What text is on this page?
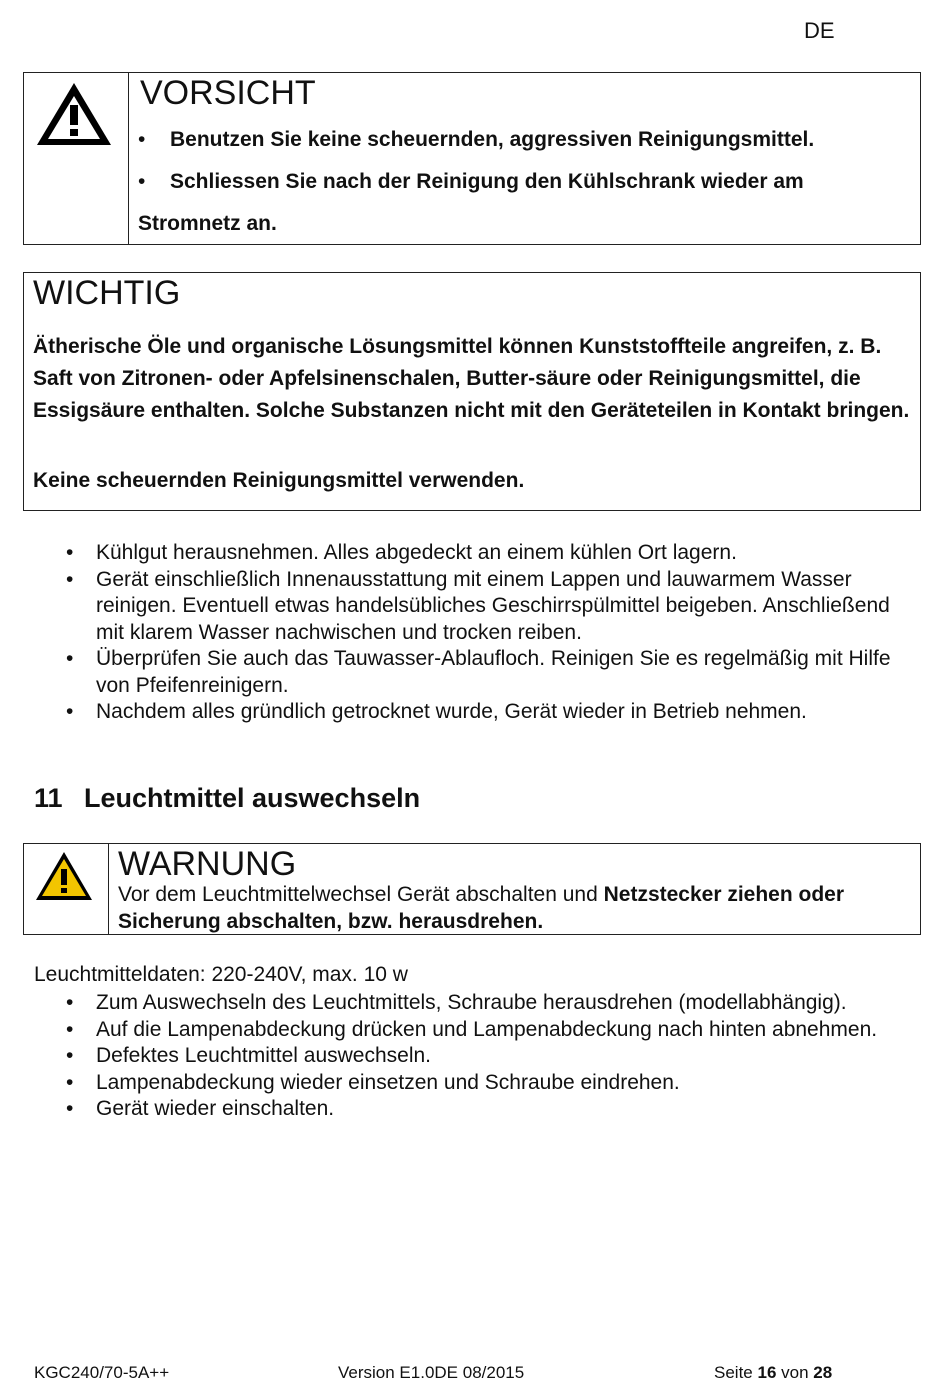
DE
VORSICHT
• Benutzen Sie keine scheuernden, aggressiven Reinigungsmittel.
• Schliessen Sie nach der Reinigung den Kühlschrank wieder am
Stromnetz an.
WICHTIG
Ätherische Öle und organische Lösungsmittel können Kunststoffteile angreifen, z. B. Saft von Zitronen- oder Apfelsinenschalen, Butter-säure oder Reinigungsmittel, die Essigsäure enthalten. Solche Substanzen nicht mit den Geräteteilen in Kontakt bringen.
Keine scheuernden Reinigungsmittel verwenden.
• Kühlgut herausnehmen. Alles abgedeckt an einem kühlen Ort lagern.
• Gerät einschließlich Innenausstattung mit einem Lappen und lauwarmem Wasser reinigen. Eventuell etwas handelsübliches Geschirrspülmittel beigeben. Anschließend mit klarem Wasser nachwischen und trocken reiben.
• Überprüfen Sie auch das Tauwasser-Ablaufloch. Reinigen Sie es regelmäßig mit Hilfe von Pfeifenreinigern.
• Nachdem alles gründlich getrocknet wurde, Gerät wieder in Betrieb nehmen.
11 Leuchtmittel auswechseln
WARNUNG
Vor dem Leuchtmittelwechsel Gerät abschalten und Netzstecker ziehen oder Sicherung abschalten, bzw. herausdrehen.
Leuchtmitteldaten: 220-240V, max. 10 w
• Zum Auswechseln des Leuchtmittels, Schraube herausdrehen (modellabhängig).
• Auf die Lampenabdeckung drücken und Lampenabdeckung nach hinten abnehmen.
• Defektes Leuchtmittel auswechseln.
• Lampenabdeckung wieder einsetzen und Schraube eindrehen.
• Gerät wieder einschalten.
KGC240/70-5A++	Version E1.0DE 08/2015	Seite 16 von 28
